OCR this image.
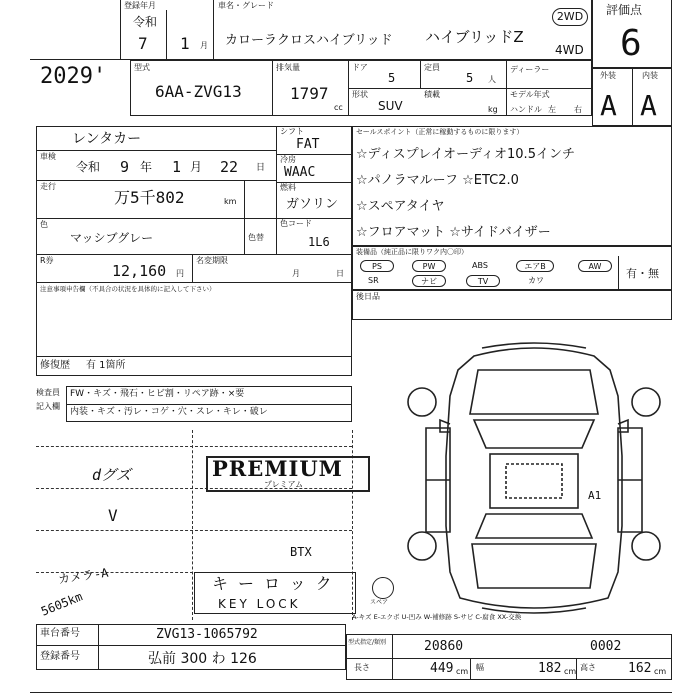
2029'
登録年月
令和
7 1 月
車名・グレード
カローラクロスハイブリッド ハイブリッドZ
2WD
4WD
評価点
6
型式
6AA-ZVG13
排気量
1797
cc
ドア
5
定員
5 人
ディーラー
形状
SUV
積載
kg
モデル年式
ハンドル 左 右
外装	内装
A A
レンタカー
車検
令和 9 年 1 月 22 日
走行
万5千802	km
シフト
FAT
冷房
WAAC
燃料
ガソリン
色
マッシブグレー	色替
色コード
1L6
R券
12,160 円
名変期限
月	日
注意事項申告欄（不具合の状況を具体的に記入して下さい）
修復歴 有 1箇所
セールスポイント（正常に稼動するものに限ります）
☆ディスプレイオーディオ10.5インチ
☆パノラマルーフ ☆ETC2.0
☆スペアタイヤ
☆フロアマット ☆サイドバイザー
装備品（純正品に限りワク内〇印）
PS	PW	ABS	エアB	AW
SR	ナビ	TV	カワ
有・無
後日品
検査員記入欄
FW・キズ・飛石・ヒビ割・リペア跡・×要
内装・キズ・汚レ・コゲ・穴・スレ・キレ・破レ
dグズ
V
BTX
カメラ-A
5605km
PREMIUM
プレミアム
キーロック
KEY LOCK	スペア
A1
A-キズ E-エクボ U-凹み W-補修跡 S-サビ C-腐食 XX-交換
車台番号	ZVG13-1065792
登録番号	弘前 300 わ 126
型式指定/類別	20860	0002
長さ	449 cm 幅	182 cm 高さ 162 cm
